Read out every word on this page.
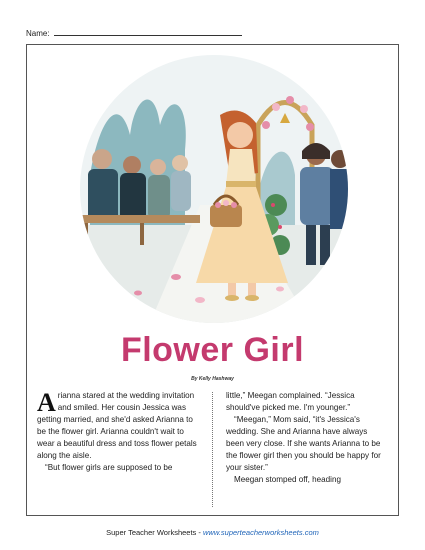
Name:
Flower Girl
By Kelly Hashway

A rianna stared at the wedding invitation and smiled. Her cousin Jessica was getting married, and she'd asked Arianna to be the flower girl. Arianna couldn't wait to wear a beautiful dress and toss flower petals along the aisle.

“But flower girls are supposed to be

little,” Meegan complained. “Jessica should've picked me. I'm younger.”

“Meegan,” Mom said, “it's Jessica's wedding. She and Arianna have always been very close. If she wants Arianna to be the flower girl then you should be happy for your sister.”

Meegan stomped off, heading

Super Teacher Worksheets - www.superteacherworksheets.com
